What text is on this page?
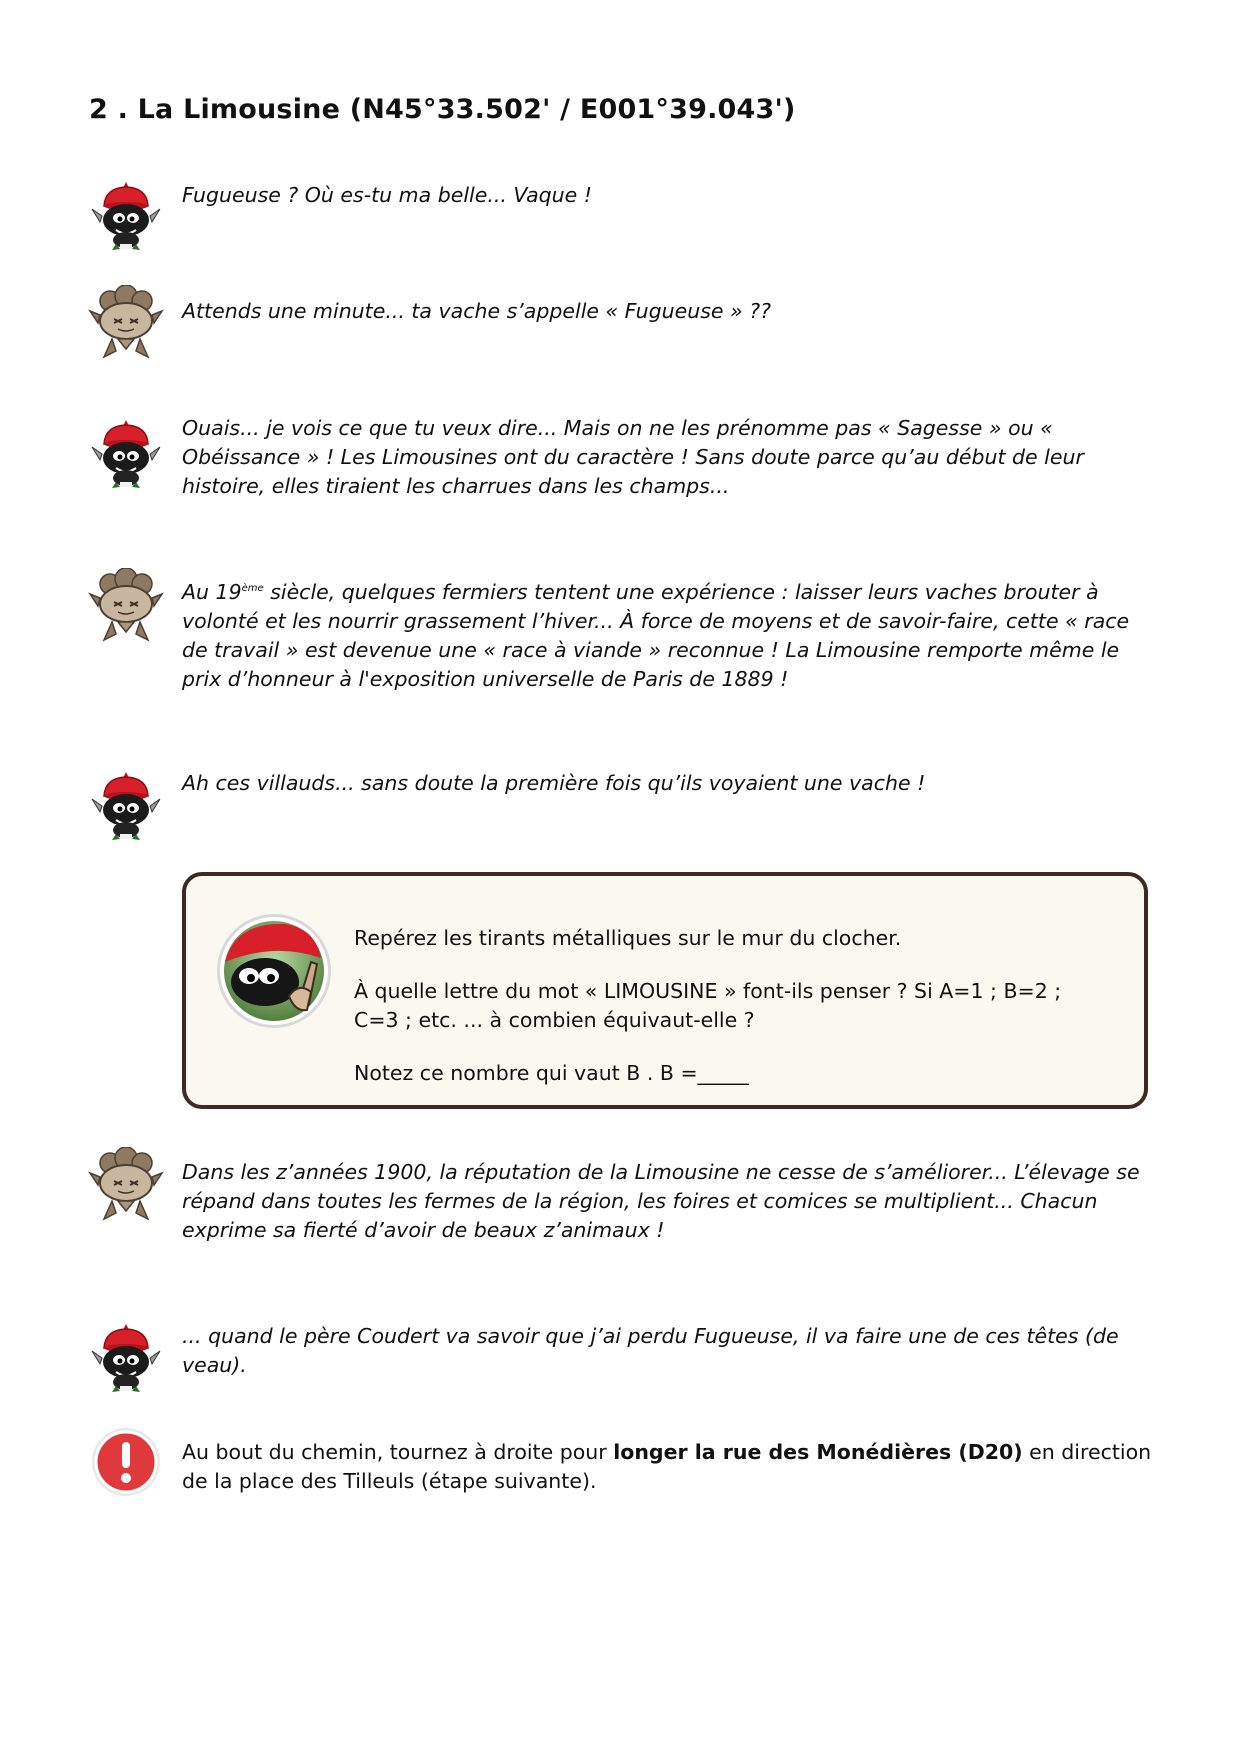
2 . La Limousine (N45°33.502' / E001°39.043')
Fugueuse ? Où es-tu ma belle... Vaque !
Attends une minute... ta vache s’appelle « Fugueuse » ??
Ouais... je vois ce que tu veux dire... Mais on ne les prénomme pas « Sagesse » ou « Obéissance » ! Les Limousines ont du caractère ! Sans doute parce qu’au début de leur histoire, elles tiraient les charrues dans les champs...
Au 19ème siècle, quelques fermiers tentent une expérience : laisser leurs vaches brouter à volonté et les nourrir grassement l’hiver... À force de moyens et de savoir-faire, cette « race de travail » est devenue une « race à viande » reconnue ! La Limousine remporte même le prix d’honneur à l'exposition universelle de Paris de 1889 !
Ah ces villauds... sans doute la première fois qu’ils voyaient une vache !

Repérez les tirants métalliques sur le mur du clocher.

À quelle lettre du mot « LIMOUSINE » font-ils penser ? Si A=1 ; B=2 ; C=3 ; etc. ... à combien équivaut-elle ?

Notez ce nombre qui vaut B . B =_____

Dans les z’années 1900, la réputation de la Limousine ne cesse de s’améliorer... L’élevage se répand dans toutes les fermes de la région, les foires et comices se multiplient... Chacun exprime sa fierté d’avoir de beaux z’animaux !
... quand le père Coudert va savoir que j’ai perdu Fugueuse, il va faire une de ces têtes (de veau).
Au bout du chemin, tournez à droite pour longer la rue des Monédières (D20) en direction de la place des Tilleuls (étape suivante).
